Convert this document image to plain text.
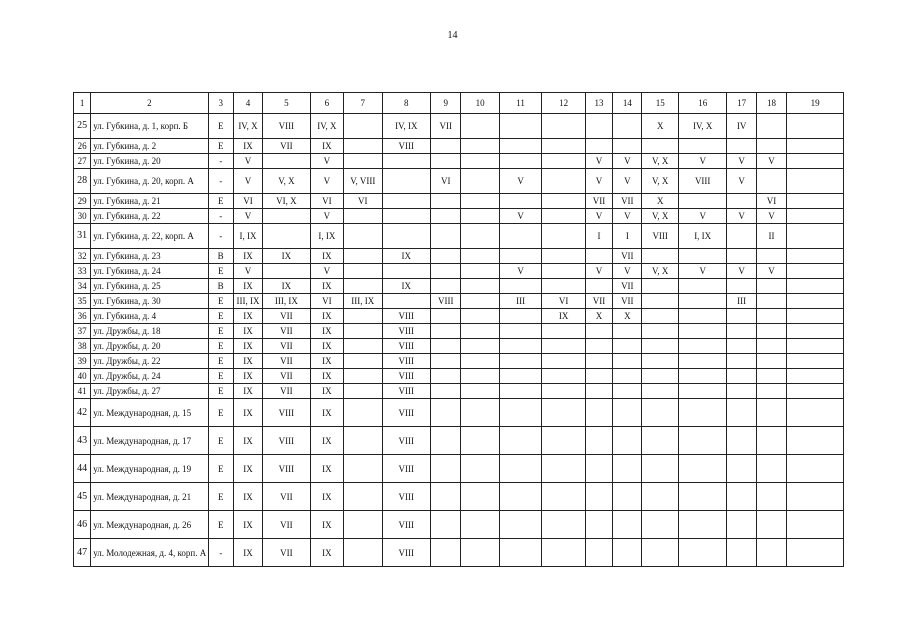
14
1	2	3	4	5	6	7	8	9	10	11	12	13	14	15	16	17	18	19
25	ул. Губкина, д. 1, корп. Б	Е	IV, X	VIII	IV, X		IV, IX	VII						X	IV, X	IV		
26	ул. Губкина, д. 2	Е	IX	VII	IX		VIII											
27	ул. Губкина, д. 20	-	V		V							V	V	V, X	V	V	V	
28	ул. Губкина, д. 20, корп. А	-	V	V, X	V	V, VIII		VI		V		V	V	V, X	VIII	V		
29	ул. Губкина, д. 21	Е	VI	VI, X	VI	VI						VII	VII	X			VI	
30	ул. Губкина, д. 22	-	V		V					V		V	V	V, X	V	V	V	
31	ул. Губкина, д. 22, корп. А	-	I, IX		I, IX							I	I	VIII	I, IX		II	
32	ул. Губкина, д. 23	В	IX	IX	IX		IX						VII					
33	ул. Губкина, д. 24	Е	V		V					V		V	V	V, X	V	V	V	
34	ул. Губкина, д. 25	В	IX	IX	IX		IX						VII					
35	ул. Губкина, д. 30	Е	III, IX	III, IX	VI	III, IX		VIII		III	VI	VII	VII			III		
36	ул. Губкина, д. 4	Е	IX	VII	IX		VIII				IX	X	X					
37	ул. Дружбы, д. 18	Е	IX	VII	IX		VIII											
38	ул. Дружбы, д. 20	Е	IX	VII	IX		VIII											
39	ул. Дружбы, д. 22	Е	IX	VII	IX		VIII											
40	ул. Дружбы, д. 24	Е	IX	VII	IX		VIII											
41	ул. Дружбы, д. 27	Е	IX	VII	IX		VIII											
42	ул. Международная, д. 15	Е	IX	VIII	IX		VIII											
43	ул. Международная, д. 17	Е	IX	VIII	IX		VIII											
44	ул. Международная, д. 19	Е	IX	VIII	IX		VIII											
45	ул. Международная, д. 21	Е	IX	VII	IX		VIII											
46	ул. Международная, д. 26	Е	IX	VII	IX		VIII											
47	ул. Молодежная, д. 4, корп. А	-	IX	VII	IX		VIII											
